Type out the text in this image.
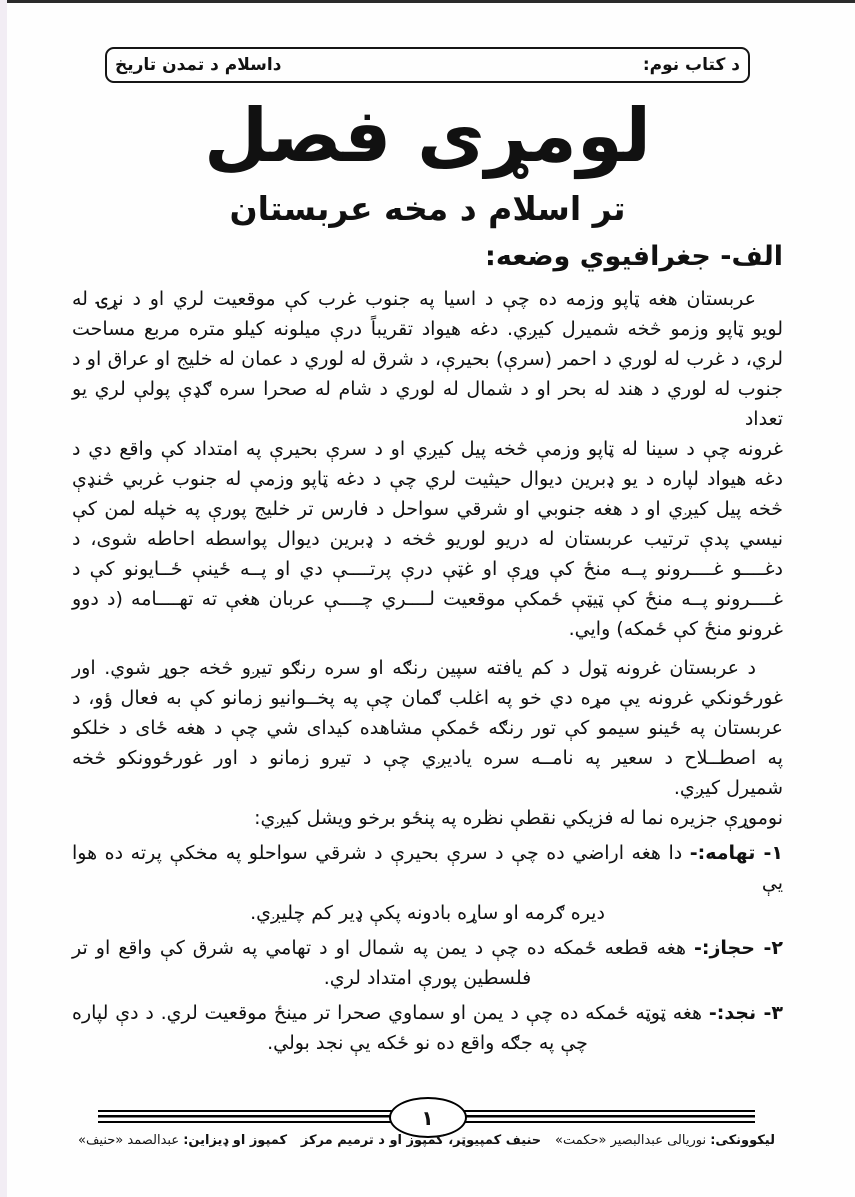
د کتاب نوم:
داسلام د تمدن تاریخ
لومړی فصل
تر اسلام د مخه عربستان
الف- جغرافیوي وضعه:
عربستان هغه ټاپو وزمه ده چې د اسیا په جنوب غرب کې موقعیت لري او د نړۍ له
لویو ټاپو وزمو څخه شمیرل کیږي. دغه هیواد تقریباً درې میلونه کیلو متره مربع مساحت
لري، د غرب له لوري د احمر (سرې) بحیرې، د شرق له لوري د عمان له خلیج او عراق او د
جنوب له لوري د هند له بحر او د شمال له لوري د شام له صحرا سره ګډې پولې لري یو تعداد
غرونه چې د سینا له ټاپو وزمې څخه پیل کیږي او د سرې بحیرې په امتداد کې واقع دي د
دغه هیواد لپاره د یو ډبرین دیوال حیثیت لري چې د دغه ټاپو وزمې له جنوب غربي څنډې
څخه پیل کیږي او د هغه جنوبي او شرقي سواحل د فارس تر خلیج پورې په خپله لمن کې
نیسي پدې ترتیب عربستان له دریو لوریو څخه د ډبرین دیوال پواسطه احاطه شوی، د
دغــــو غــــرونو پــه منځ کې وړې او غټې درې پرتــــې دي او پــه ځینې ځــایونو کې د
غــــرونو پــه منځ کې ټیټې ځمکې موقعیت لــــري چــــې عربان هغې ته تهــــامه (د دوو
غرونو منځ کې ځمکه) وايي.
د عربستان غرونه ټول د کم یافته سپین رنګه او سره رنګو تیږو څخه جوړ شوي. اور
غورځونکي غرونه یې مړه دي خو په اغلب ګمان چې په پخــوانیو زمانو کې به فعال ؤو، د
عربستان په ځینو سیمو کې تور رنګه ځمکې مشاهده کیدای شي چې د هغه ځای د خلکو
په اصطــلاح د سعیر په نامــه سره یادیږي چې د تیرو زمانو د اور غورځوونکو څخه
شمیرل کیږي.
نوموړې جزیره نما له فزیکي نقطې نظره په پنځو برخو ویشل کیږي:
۱- تهامه:- دا هغه اراضي ده چې د سرې بحیرې د شرقي سواحلو په مخکې پرته ده هوا یې
دیره ګرمه او ساړه بادونه پکې ډیر کم چلیږي.
۲- حجاز:- هغه قطعه ځمکه ده چې د یمن په شمال او د تهامي په شرق کې واقع او تر
فلسطین پورې امتداد لري.
۳- نجد:- هغه ټوټه ځمکه ده چې د یمن او سماوي صحرا تر مینځ موقعیت لري. د دې لپاره
چې په جګه واقع ده نو ځکه یې نجد بولي.
۱
لیکوونکی: نوریالی عبدالبصیر «حکمت»
حنیف کمپیوټر، کمپوز او د ترمیم مرکز
کمپوز او ډیزاین: عبدالصمد «حنیف»
